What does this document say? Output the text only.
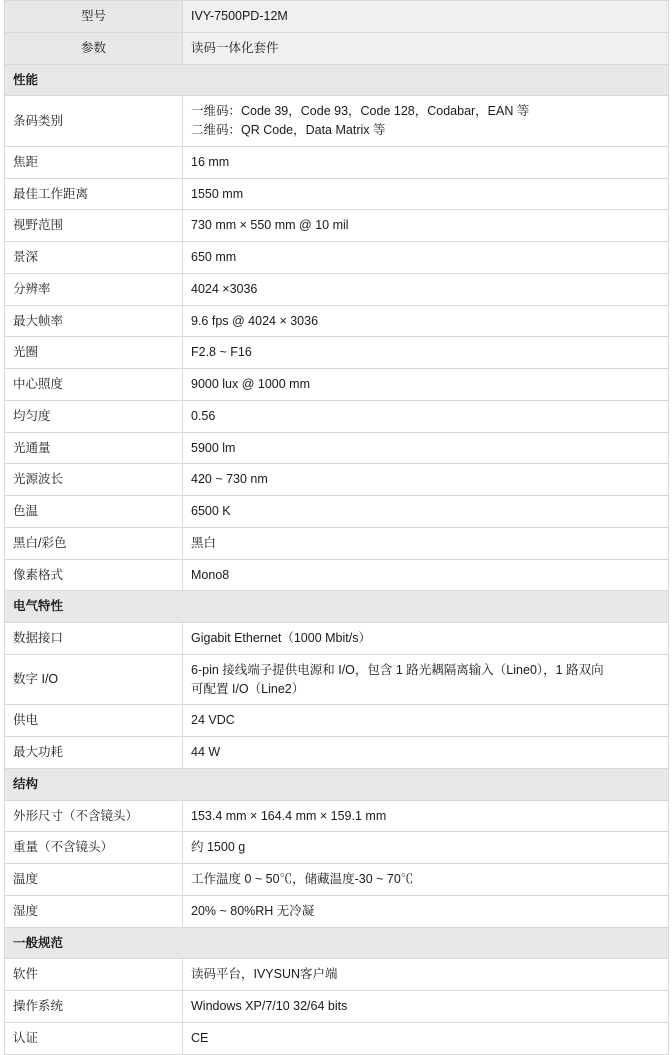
型号	IVY-7500PD-12M
参数	读码一体化套件
性能	
条码类别	一维码：Code 39，Code 93，Code 128，Codabar，EAN 等
二维码：QR Code，Data Matrix 等

焦距	16 mm

最佳工作距离	1550 mm

视野范围	730 mm × 550 mm @ 10 mil

景深	650 mm

分辨率	4024 ×3036

最大帧率	9.6 fps @ 4024 × 3036

光圈	F2.8 ~ F16

中心照度	9000 lux @ 1000 mm

均匀度	0.56

光通量	5900 lm

光源波长	420 ~ 730 nm

色温	6500 K

黑白/彩色	黑白

像素格式	Mono8

电气特性	
数据接口	Gigabit Ethernet（1000 Mbit/s）

数字 I/O	6-pin 接线端子提供电源和 I/O，包含 1 路光耦隔离输入（Line0），1 路双向
可配置 I/O（Line2）

供电	24 VDC

最大功耗	44 W

结构	
外形尺寸（不含镜头）	153.4 mm × 164.4 mm × 159.1 mm

重量（不含镜头）	约 1500 g

温度	工作温度 0 ~ 50℃，储藏温度-30 ~ 70℃

湿度	20% ~ 80%RH 无冷凝

一般规范	
软件	读码平台，IVYSUN客户端

操作系统	Windows XP/7/10 32/64 bits

认证	CE
